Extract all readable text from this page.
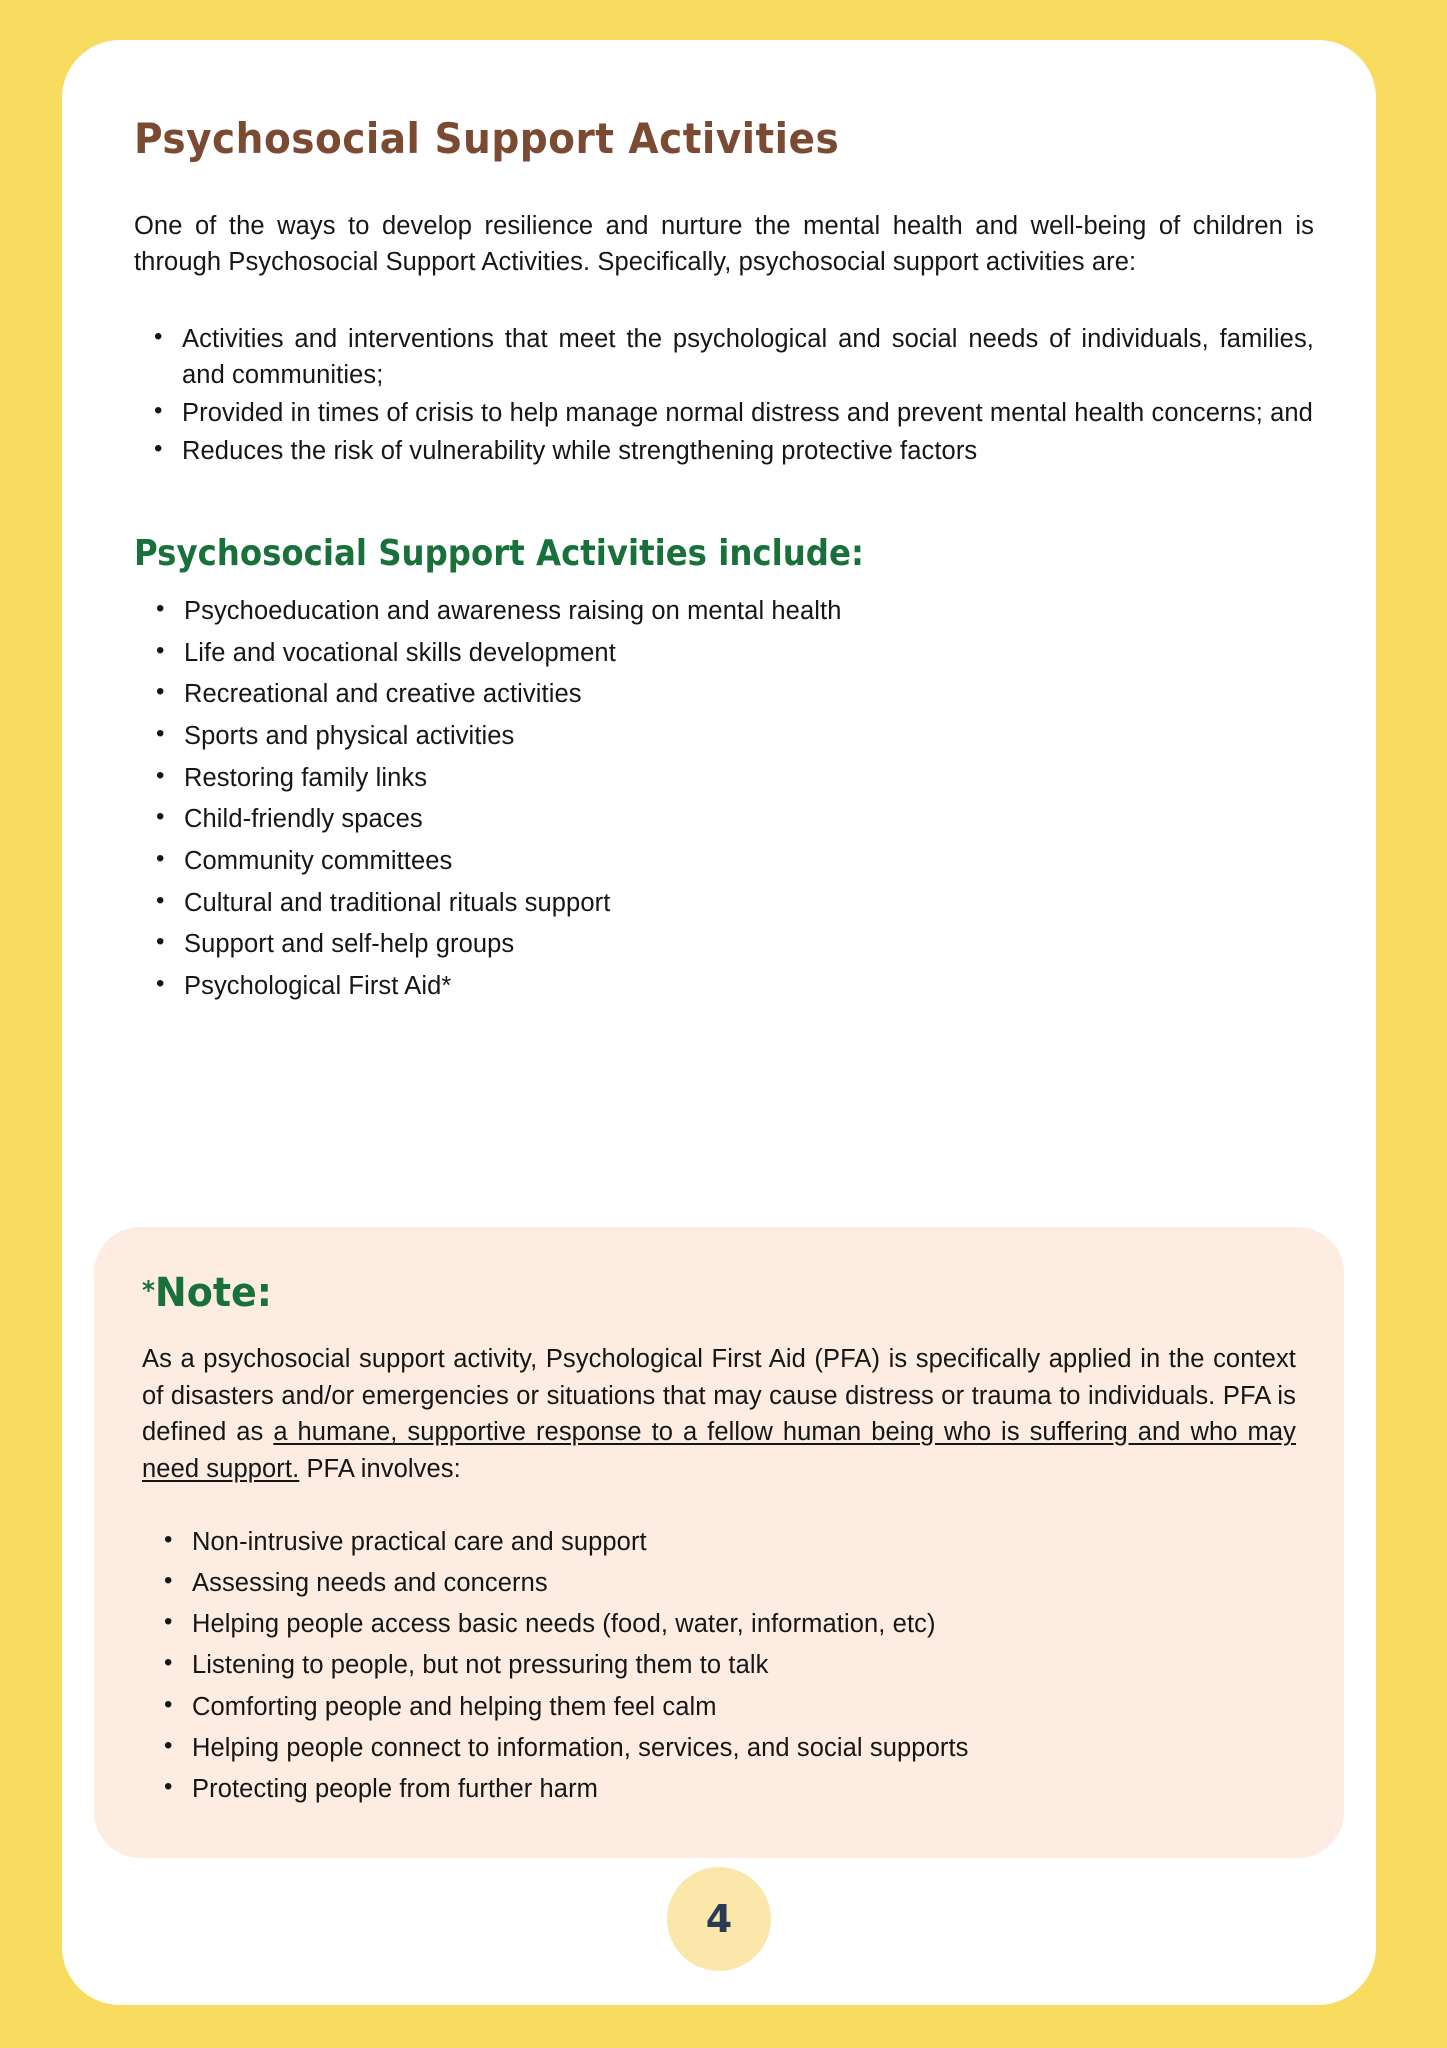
Psychosocial Support Activities

One of the ways to develop resilience and nurture the mental health and well-being of children is through Psychosocial Support Activities. Specifically, psychosocial support activities are:

• Activities and interventions that meet the psychological and social needs of individuals, families, and communities;
• Provided in times of crisis to help manage normal distress and prevent mental health concerns; and
• Reduces the risk of vulnerability while strengthening protective factors
Psychosocial Support Activities include:
• Psychoeducation and awareness raising on mental health
• Life and vocational skills development
• Recreational and creative activities
• Sports and physical activities
• Restoring family links
• Child-friendly spaces
• Community committees
• Cultural and traditional rituals support
• Support and self-help groups
• Psychological First Aid*
*Note:

As a psychosocial support activity, Psychological First Aid (PFA) is specifically applied in the context of disasters and/or emergencies or situations that may cause distress or trauma to individuals. PFA is defined as a humane, supportive response to a fellow human being who is suffering and who may need support. PFA involves:

• Non-intrusive practical care and support
• Assessing needs and concerns
• Helping people access basic needs (food, water, information, etc)
• Listening to people, but not pressuring them to talk
• Comforting people and helping them feel calm
• Helping people connect to information, services, and social supports
• Protecting people from further harm
4
